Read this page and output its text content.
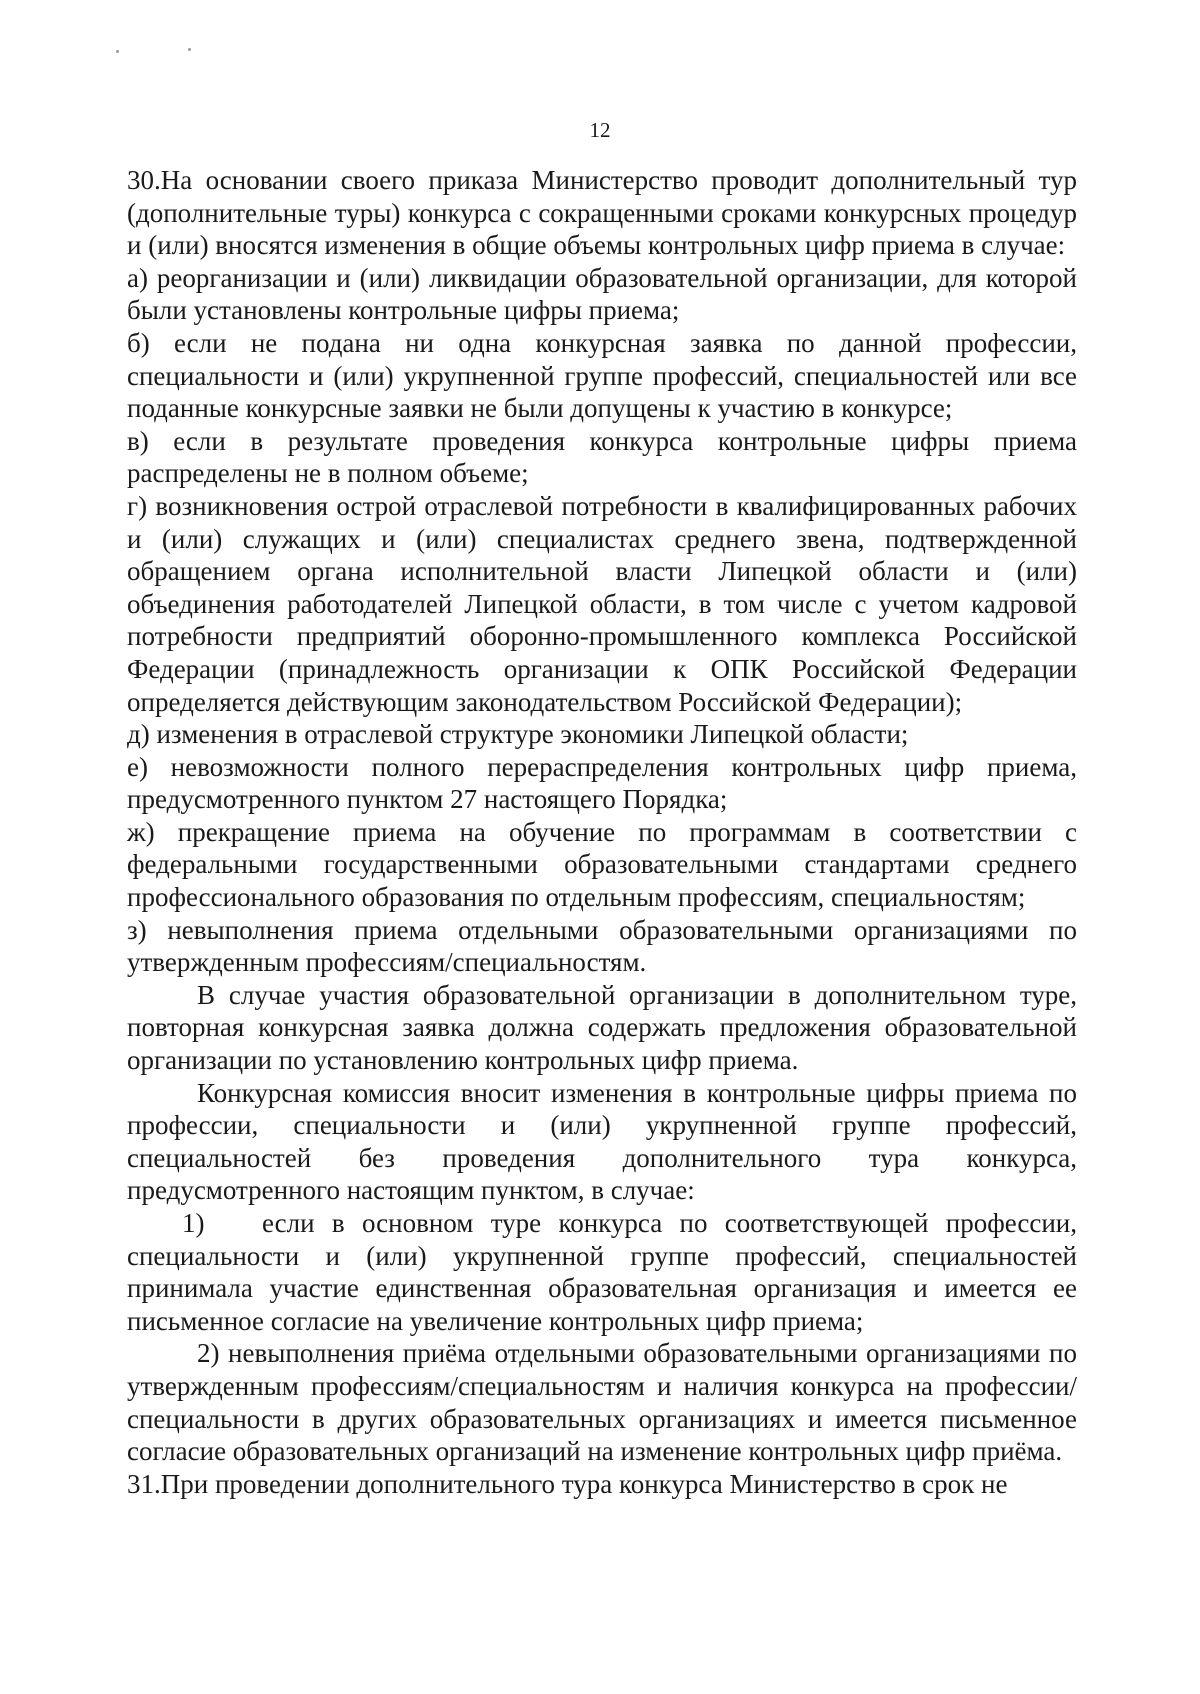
12

30.На основании своего приказа Министерство проводит дополнительный тур (дополнительные туры) конкурса с сокращенными сроками конкурсных процедур и (или) вносятся изменения в общие объемы контрольных цифр приема в случае:

а) реорганизации и (или) ликвидации образовательной организации, для которой были установлены контрольные цифры приема;

б) если не подана ни одна конкурсная заявка по данной профессии, специальности и (или) укрупненной группе профессий, специальностей или все поданные конкурсные заявки не были допущены к участию в конкурсе;

в) если в результате проведения конкурса контрольные цифры приема распределены не в полном объеме;

г) возникновения острой отраслевой потребности в квалифицированных рабочих и (или) служащих и (или) специалистах среднего звена, подтвержденной обращением органа исполнительной власти Липецкой области и (или) объединения работодателей Липецкой области, в том числе с учетом кадровой потребности предприятий оборонно-промышленного комплекса Российской Федерации (принадлежность организации к ОПК Российской Федерации определяется действующим законодательством Российской Федерации);

д) изменения в отраслевой структуре экономики Липецкой области;

е) невозможности полного перераспределения контрольных цифр приема, предусмотренного пунктом 27 настоящего Порядка;

ж) прекращение приема на обучение по программам в соответствии с федеральными государственными образовательными стандартами среднего профессионального образования по отдельным профессиям, специальностям;

з) невыполнения приема отдельными образовательными организациями по утвержденным профессиям/специальностям.

В случае участия образовательной организации в дополнительном туре, повторная конкурсная заявка должна содержать предложения образовательной организации по установлению контрольных цифр приема.

Конкурсная комиссия вносит изменения в контрольные цифры приема по профессии, специальности и (или) укрупненной группе профессий, специальностей без проведения дополнительного тура конкурса, предусмотренного настоящим пунктом, в случае:

1) если в основном туре конкурса по соответствующей профессии, специальности и (или) укрупненной группе профессий, специальностей принимала участие единственная образовательная организация и имеется ее письменное согласие на увеличение контрольных цифр приема;

2) невыполнения приёма отдельными образовательными организациями по утвержденным профессиям/специальностям и наличия конкурса на профессии/специальности в других образовательных организациях и имеется письменное согласие образовательных организаций на изменение контрольных цифр приёма.

31.При проведении дополнительного тура конкурса Министерство в срок не
